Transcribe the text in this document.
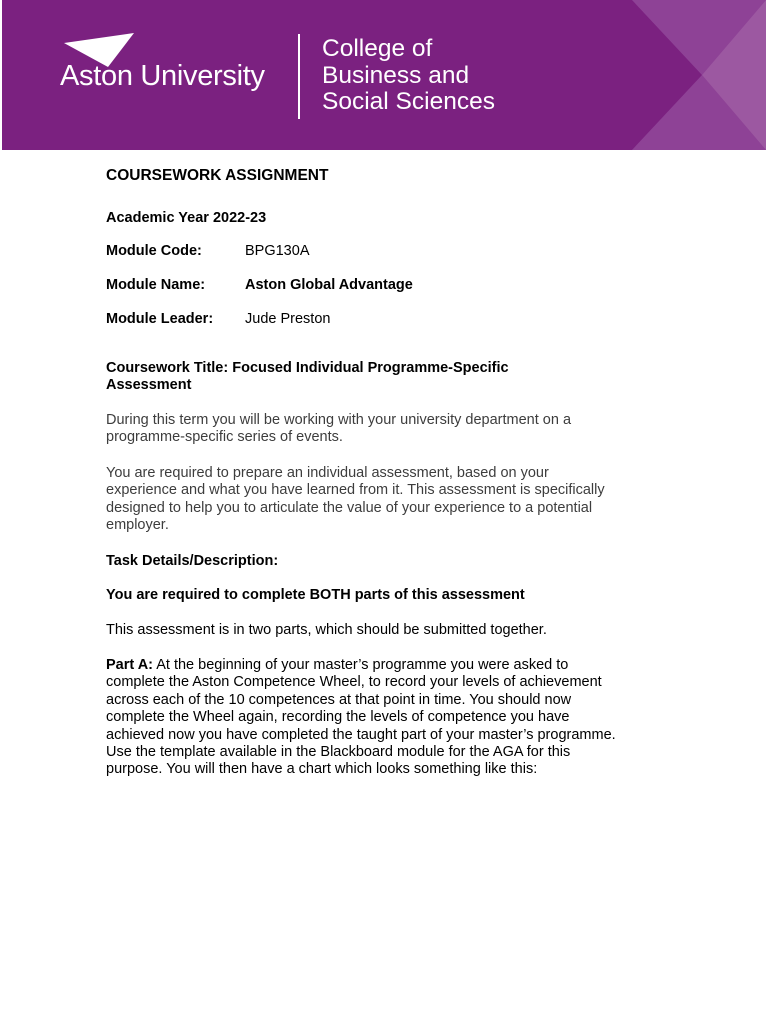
Aston University
College of
Business and
Social Sciences
COURSEWORK ASSIGNMENT
Academic Year 2022-23
Module Code:	BPG130A
Module Name:	Aston Global Advantage
Module Leader: Jude Preston
Coursework Title: Focused Individual Programme-Specific Assessment
During this term you will be working with your university department on a programme-specific series of events.
You are required to prepare an individual assessment, based on your experience and what you have learned from it. This assessment is specifically designed to help you to articulate the value of your experience to a potential employer.
Task Details/Description:
You are required to complete BOTH parts of this assessment
This assessment is in two parts, which should be submitted together.
Part A: At the beginning of your master’s programme you were asked to complete the Aston Competence Wheel, to record your levels of achievement across each of the 10 competences at that point in time. You should now complete the Wheel again, recording the levels of competence you have achieved now you have completed the taught part of your master’s programme. Use the template available in the Blackboard module for the AGA for this purpose. You will then have a chart which looks something like this:
